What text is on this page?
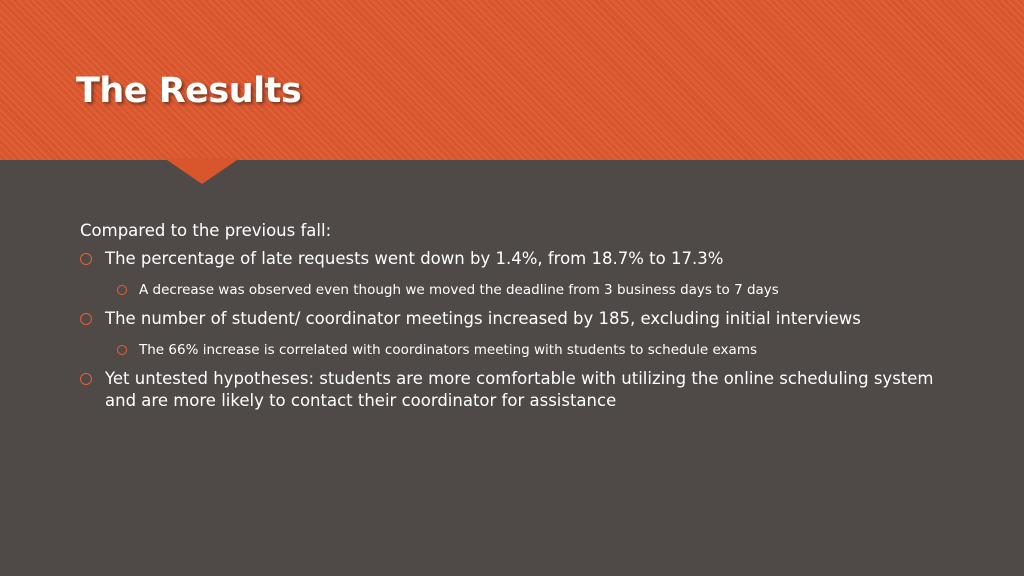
The Results

Compared to the previous fall:

The percentage of late requests went down by 1.4%, from 18.7% to 17.3%

A decrease was observed even though we moved the deadline from 3 business days to 7 days

The number of student/ coordinator meetings increased by 185, excluding initial interviews

The 66% increase is correlated with coordinators meeting with students to schedule exams

Yet untested hypotheses: students are more comfortable with utilizing the online scheduling system and are more likely to contact their coordinator for assistance
